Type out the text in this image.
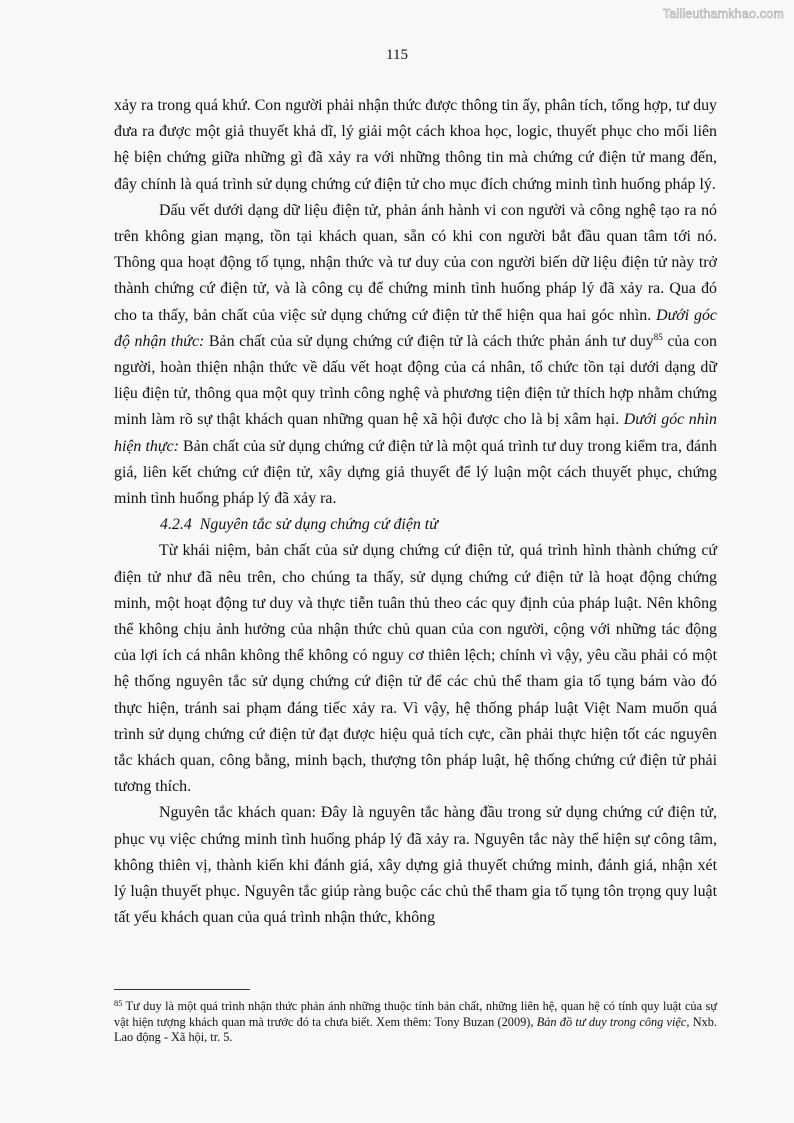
Tailieuthamkhao.com
115

xảy ra trong quá khứ. Con người phải nhận thức được thông tin ấy, phân tích, tổng hợp, tư duy đưa ra được một giả thuyết khả dĩ, lý giải một cách khoa học, logic, thuyết phục cho mối liên hệ biện chứng giữa những gì đã xảy ra với những thông tin mà chứng cứ điện tử mang đến, đây chính là quá trình sử dụng chứng cứ điện tử cho mục đích chứng minh tình huống pháp lý.

Dấu vết dưới dạng dữ liệu điện tử, phản ánh hành vi con người và công nghệ tạo ra nó trên không gian mạng, tồn tại khách quan, sẵn có khi con người bắt đầu quan tâm tới nó. Thông qua hoạt động tố tụng, nhận thức và tư duy của con người biến dữ liệu điện tử này trở thành chứng cứ điện tử, và là công cụ để chứng minh tình huống pháp lý đã xảy ra. Qua đó cho ta thấy, bản chất của việc sử dụng chứng cứ điện tử thể hiện qua hai góc nhìn. Dưới góc độ nhận thức: Bản chất của sử dụng chứng cứ điện tử là cách thức phản ánh tư duy$^{85}$ của con người, hoàn thiện nhận thức về dấu vết hoạt động của cá nhân, tổ chức tồn tại dưới dạng dữ liệu điện tử, thông qua một quy trình công nghệ và phương tiện điện tử thích hợp nhằm chứng minh làm rõ sự thật khách quan những quan hệ xã hội được cho là bị xâm hại. Dưới góc nhìn hiện thực: Bản chất của sử dụng chứng cứ điện tử là một quá trình tư duy trong kiểm tra, đánh giá, liên kết chứng cứ điện tử, xây dựng giả thuyết để lý luận một cách thuyết phục, chứng minh tình huống pháp lý đã xảy ra.

4.2.4 Nguyên tắc sử dụng chứng cứ điện tử

Từ khái niệm, bản chất của sử dụng chứng cứ điện tử, quá trình hình thành chứng cứ điện tử như đã nêu trên, cho chúng ta thấy, sử dụng chứng cứ điện tử là hoạt động chứng minh, một hoạt động tư duy và thực tiễn tuân thủ theo các quy định của pháp luật. Nên không thể không chịu ảnh hưởng của nhận thức chủ quan của con người, cộng với những tác động của lợi ích cá nhân không thể không có nguy cơ thiên lệch; chính vì vậy, yêu cầu phải có một hệ thống nguyên tắc sử dụng chứng cứ điện tử để các chủ thể tham gia tố tụng bám vào đó thực hiện, tránh sai phạm đáng tiếc xảy ra. Vì vậy, hệ thống pháp luật Việt Nam muốn quá trình sử dụng chứng cứ điện tử đạt được hiệu quả tích cực, cần phải thực hiện tốt các nguyên tắc khách quan, công bằng, minh bạch, thượng tôn pháp luật, hệ thống chứng cứ điện tử phải tương thích.

Nguyên tắc khách quan: Đây là nguyên tắc hàng đầu trong sử dụng chứng cứ điện tử, phục vụ việc chứng minh tình huống pháp lý đã xảy ra. Nguyên tắc này thể hiện sự công tâm, không thiên vị, thành kiến khi đánh giá, xây dựng giả thuyết chứng minh, đánh giá, nhận xét lý luận thuyết phục. Nguyên tắc giúp ràng buộc các chủ thể tham gia tố tụng tôn trọng quy luật tất yếu khách quan của quá trình nhận thức, không

$^{85}$ Tư duy là một quá trình nhận thức phản ánh những thuộc tính bản chất, những liên hệ, quan hệ có tính quy luật của sự vật hiện tượng khách quan mà trước đó ta chưa biết. Xem thêm: Tony Buzan (2009), Bản đồ tư duy trong công việc, Nxb. Lao động - Xã hội, tr. 5.
